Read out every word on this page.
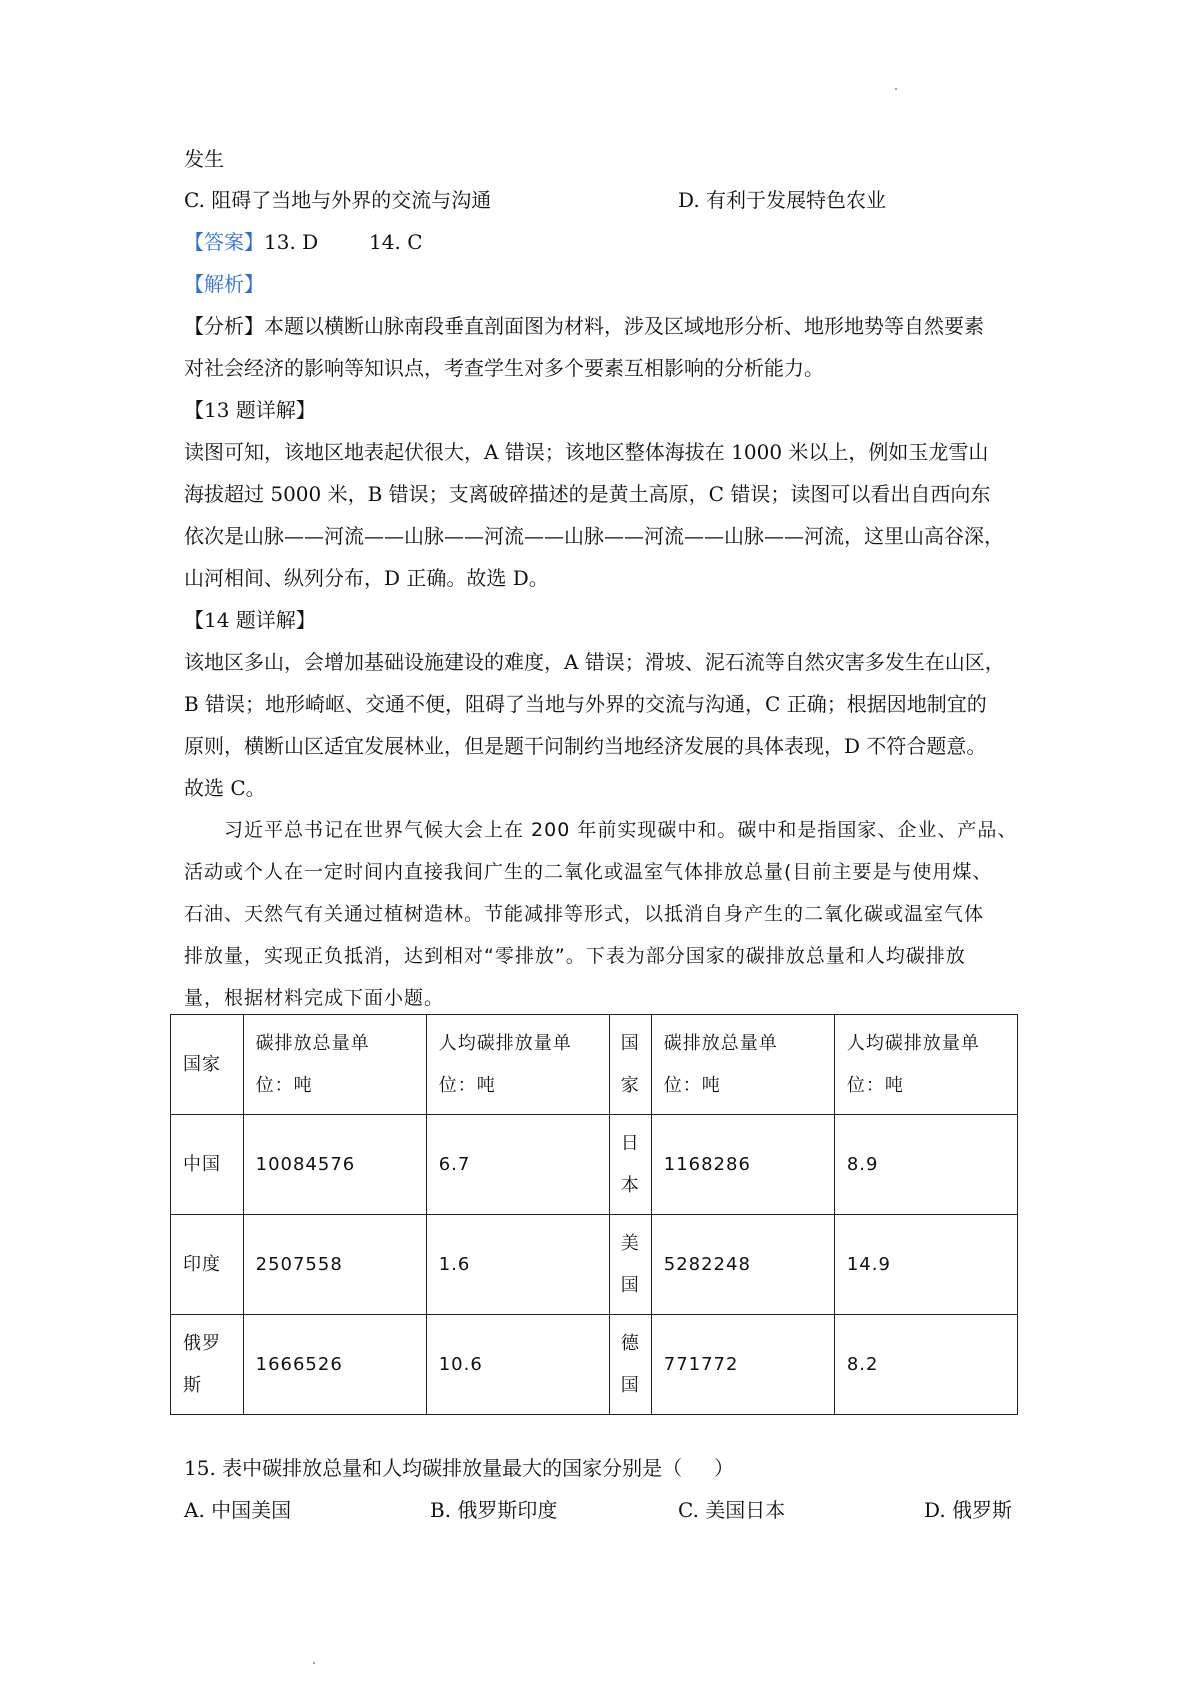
发生
C. 阻碍了当地与外界的交流与沟通	D. 有利于发展特色农业
【答案】13. D        14. C
【解析】
【分析】本题以横断山脉南段垂直剖面图为材料，涉及区域地形分析、地形地势等自然要素
对社会经济的影响等知识点，考查学生对多个要素互相影响的分析能力。
【13 题详解】
读图可知，该地区地表起伏很大，A 错误；该地区整体海拔在 1000 米以上，例如玉龙雪山
海拔超过 5000 米，B 错误；支离破碎描述的是黄土高原，C 错误；读图可以看出自西向东
依次是山脉——河流——山脉——河流——山脉——河流——山脉——河流，这里山高谷深，
山河相间、纵列分布，D 正确。故选 D。
【14 题详解】
该地区多山，会增加基础设施建设的难度，A 错误；滑坡、泥石流等自然灾害多发生在山区，
B 错误；地形崎岖、交通不便，阻碍了当地与外界的交流与沟通，C 正确；根据因地制宜的
原则，横断山区适宜发展林业，但是题干问制约当地经济发展的具体表现，D 不符合题意。
故选 C。
习近平总书记在世界气候大会上在 200 年前实现碳中和。碳中和是指国家、企业、产品、
活动或个人在一定时间内直接我间广生的二氧化或温室气体排放总量(目前主要是与使用煤、
石油、天然气有关通过植树造林。节能减排等形式，以抵消自身产生的二氧化碳或温室气体
排放量，实现正负抵消，达到相对“零排放”。下表为部分国家的碳排放总量和人均碳排放
量，根据材料完成下面小题。
国家	碳排放总量单位：吨	人均碳排放量单位：吨	国家	碳排放总量单位：吨	人均碳排放量单位：吨
中国	10084576	6.7	日本	1168286	8.9
印度	2507558	1.6	美国	5282248	14.9
俄罗斯	1666526	10.6	德国	771772	8.2
15. 表中碳排放总量和人均碳排放量最大的国家分别是（     ）
A. 中国美国	B. 俄罗斯印度	C. 美国日本	D. 俄罗斯
